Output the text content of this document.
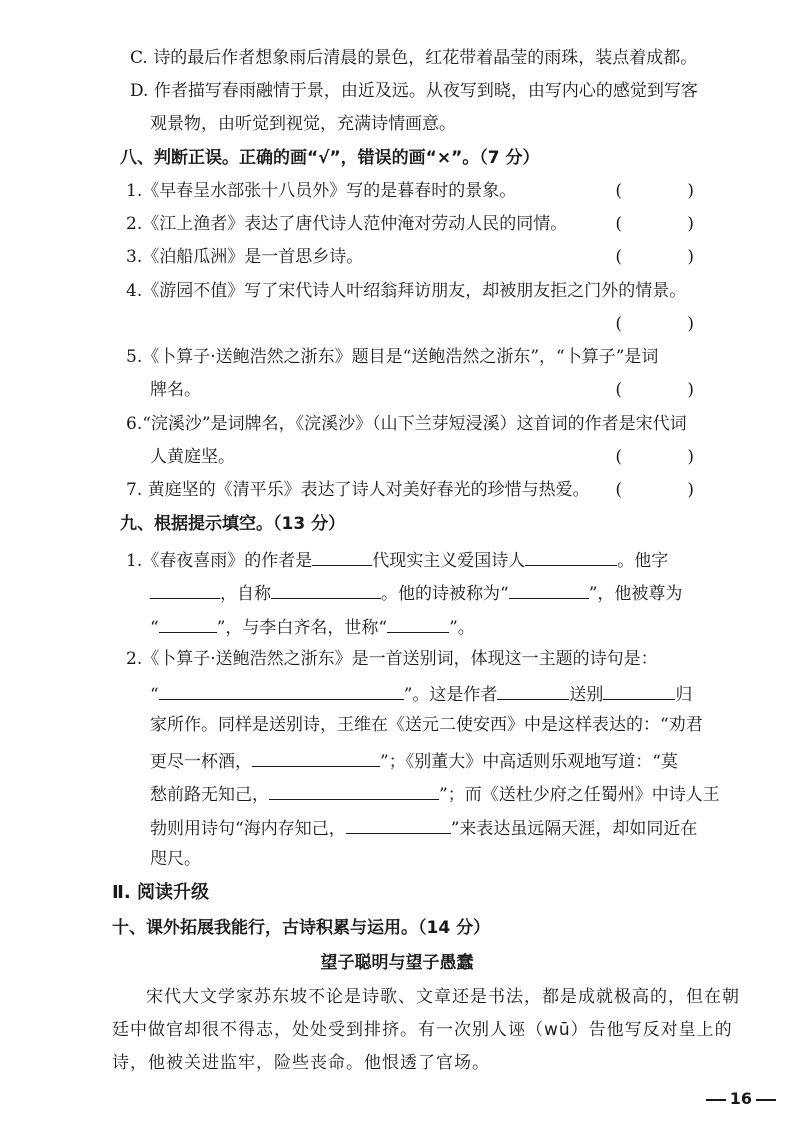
C. 诗的最后作者想象雨后清晨的景色，红花带着晶莹的雨珠，装点着成都。
D. 作者描写春雨融情于景，由近及远。从夜写到晓，由写内心的感觉到写客
观景物，由听觉到视觉，充满诗情画意。
八、判断正误。正确的画“√”，错误的画“×”。（7 分）
1.《早春呈水部张十八员外》写的是暮春时的景象。	( )
2.《江上渔者》表达了唐代诗人范仲淹对劳动人民的同情。	( )
3.《泊船瓜洲》是一首思乡诗。	( )
4.《游园不值》写了宋代诗人叶绍翁拜访朋友，却被朋友拒之门外的情景。
( )
5.《卜算子·送鲍浩然之浙东》题目是“送鲍浩然之浙东”，“卜算子”是词
牌名。	( )
6.“浣溪沙”是词牌名，《浣溪沙》（山下兰芽短浸溪）这首词的作者是宋代词
人黄庭坚。	( )
7. 黄庭坚的《清平乐》表达了诗人对美好春光的珍惜与热爱。 ( )
九、根据提示填空。（13 分）
1.《春夜喜雨》的作者是	代现实主义爱国诗人	。他字
，自称	。他的诗被称为“	”，他被尊为
“	”，与李白齐名，世称“	”。
2.《卜算子·送鲍浩然之浙东》是一首送别词，体现这一主题的诗句是：
“	”。这是作者	送别	归
家所作。同样是送别诗，王维在《送元二使安西》中是这样表达的：“劝君
更尽一杯酒，	”；《别董大》中高适则乐观地写道：“莫
愁前路无知己，	”；而《送杜少府之任蜀州》中诗人王
勃则用诗句“海内存知己，	”来表达虽远隔天涯，却如同近在
咫尺。
Ⅱ. 阅读升级
十、课外拓展我能行，古诗积累与运用。（14 分）
望子聪明与望子愚蠢
宋代大文学家苏东坡不论是诗歌、文章还是书法，都是成就极高的，但在朝
廷中做官却很不得志，处处受到排挤。有一次别人诬（wū）告他写反对皇上的
诗，他被关进监牢，险些丧命。他恨透了官场。
16
